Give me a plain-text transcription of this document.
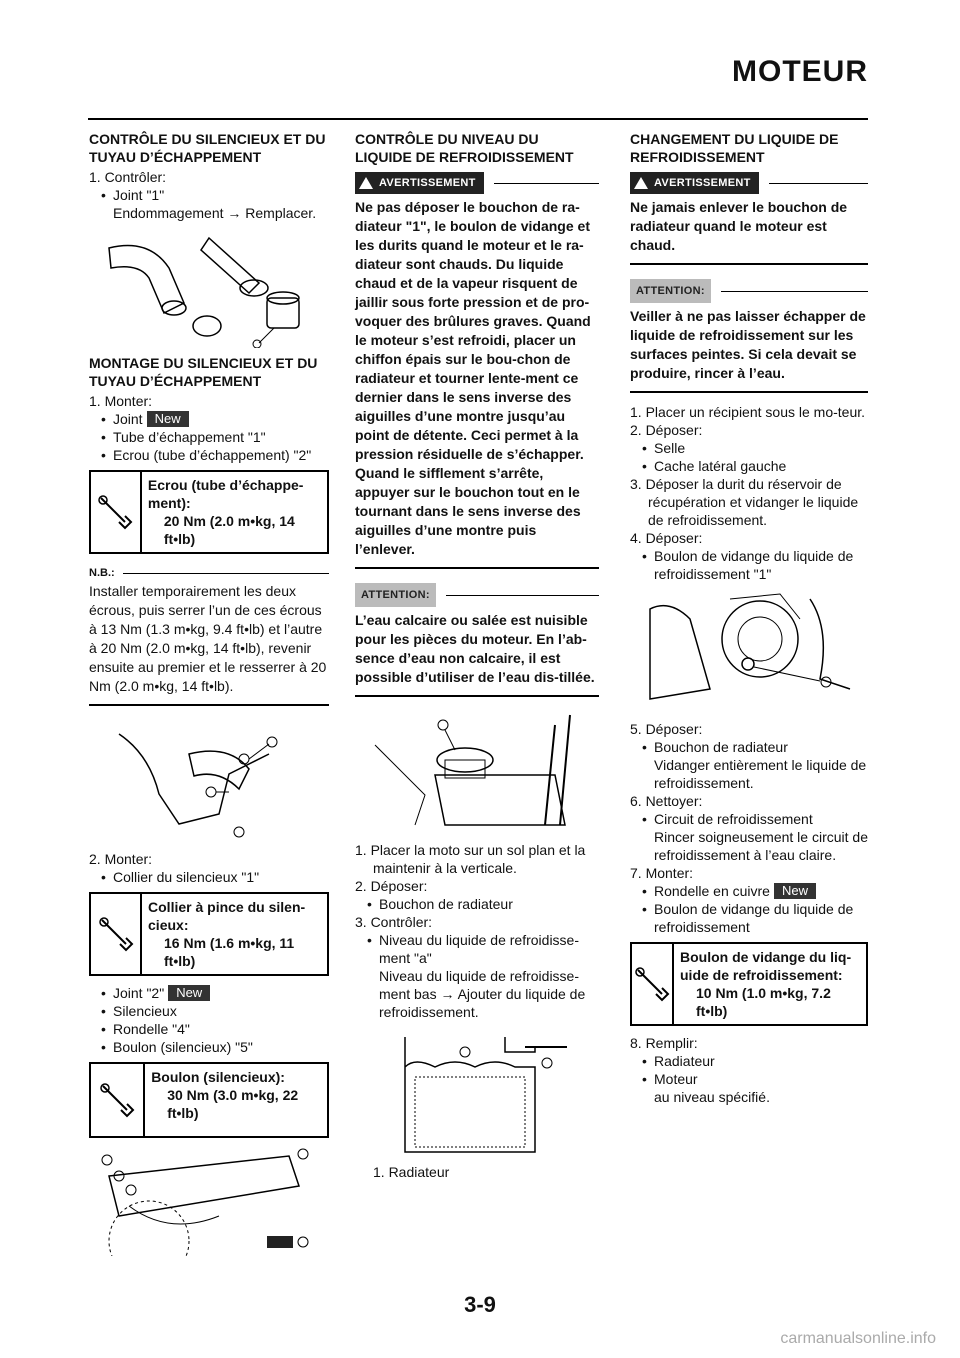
MOTEUR
CONTRÔLE DU SILENCIEUX ET DU TUYAU D’ÉCHAPPEMENT
1. Contrôler:
• Joint "1"
Endommagement → Remplacer.
MONTAGE DU SILENCIEUX ET DU TUYAU D’ÉCHAPPEMENT
1. Monter:
• Joint New
• Tube d’échappement "1"
• Ecrou (tube d’échappement) "2"
Ecrou (tube d’échappe-ment):
20 Nm (2.0 m•kg, 14 ft•lb)
N.B.:
Installer temporairement les deux écrous, puis serrer l’un de ces écrous à 13 Nm (1.3 m•kg, 9.4 ft•lb) et l’autre à 20 Nm (2.0 m•kg, 14 ft•lb), revenir ensuite au premier et le resserrer à 20 Nm (2.0 m•kg, 14 ft•lb).
2. Monter:
• Collier du silencieux "1"
Collier à pince du silen-cieux:
16 Nm (1.6 m•kg, 11 ft•lb)
• Joint "2" New
• Silencieux
• Rondelle "4"
• Boulon (silencieux) "5"
Boulon (silencieux):
30 Nm (3.0 m•kg, 22 ft•lb)
CONTRÔLE DU NIVEAU DU LIQUIDE DE REFROIDISSEMENT
AVERTISSEMENT
Ne pas déposer le bouchon de ra-diateur "1", le boulon de vidange et les durits quand le moteur et le ra-diateur sont chauds. Du liquide chaud et de la vapeur risquent de jaillir sous forte pression et de pro-voquer des brûlures graves. Quand le moteur s’est refroidi, placer un chiffon épais sur le bou-chon de radiateur et tourner lente-ment ce dernier dans le sens inverse des aiguilles d’une montre jusqu’au point de détente. Ceci permet à la pression résiduelle de s’échapper. Quand le sifflement s’arrête, appuyer sur le bouchon tout en le tournant dans le sens inverse des aiguilles d’une montre puis l’enlever.
ATTENTION:
L’eau calcaire ou salée est nuisible pour les pièces du moteur. En l’ab-sence d’eau non calcaire, il est possible d’utiliser de l’eau dis-tillée.
1. Placer la moto sur un sol plan et la maintenir à la verticale.
2. Déposer:
• Bouchon de radiateur
3. Contrôler:
• Niveau du liquide de refroidisse-ment "a"
Niveau du liquide de refroidisse-ment bas → Ajouter du liquide de refroidissement.
1. Radiateur
CHANGEMENT DU LIQUIDE DE REFROIDISSEMENT
AVERTISSEMENT
Ne jamais enlever le bouchon de radiateur quand le moteur est chaud.
ATTENTION:
Veiller à ne pas laisser échapper de liquide de refroidissement sur les surfaces peintes. Si cela devait se produire, rincer à l’eau.
1. Placer un récipient sous le mo-teur.
2. Déposer:
• Selle
• Cache latéral gauche
3. Déposer la durit du réservoir de récupération et vidanger le liquide de refroidissement.
4. Déposer:
• Boulon de vidange du liquide de refroidissement "1"
5. Déposer:
• Bouchon de radiateur
Vidanger entièrement le liquide de refroidissement.
6. Nettoyer:
• Circuit de refroidissement
Rincer soigneusement le circuit de refroidissement à l’eau claire.
7. Monter:
• Rondelle en cuivre New
• Boulon de vidange du liquide de refroidissement
Boulon de vidange du liq-uide de refroidissement:
10 Nm (1.0 m•kg, 7.2 ft•lb)
8. Remplir:
• Radiateur
• Moteur
au niveau spécifié.
3-9
carmanualsonline.info
